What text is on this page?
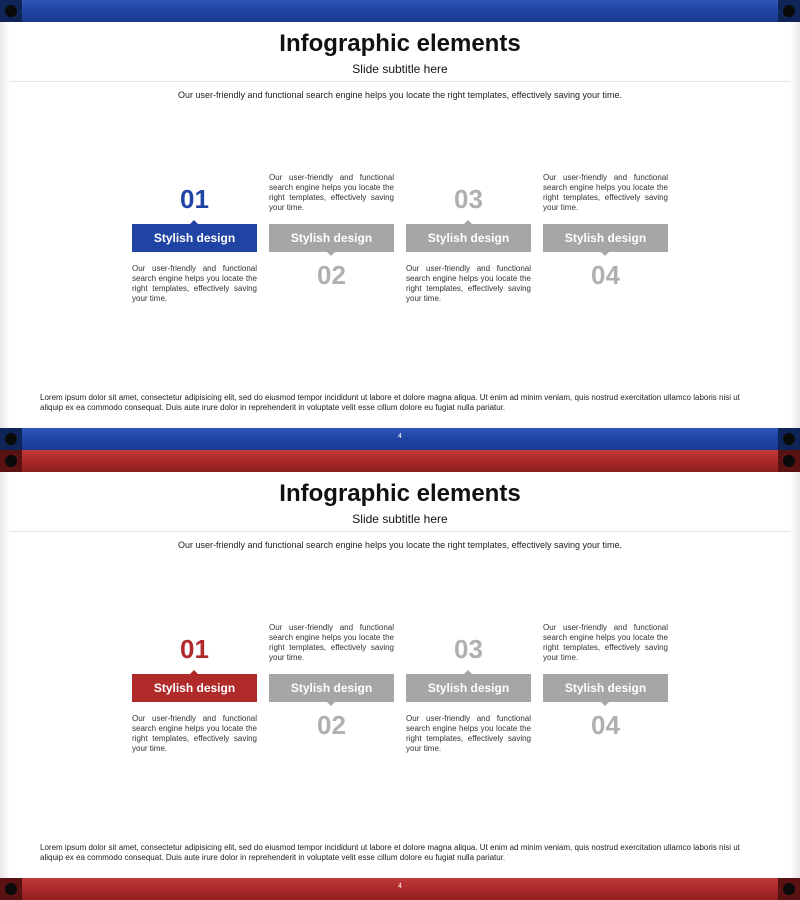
Infographic elements
Slide subtitle here
Our user-friendly and functional search engine helps you locate the right templates, effectively saving your time.
01
Stylish design
Our user-friendly and functional search engine helps you locate the right templates, effectively saving your time.
Our user-friendly and functional search engine helps you locate the right templates, effectively saving your time.
Stylish design
02
03
Stylish design
Our user-friendly and functional search engine helps you locate the right templates, effectively saving your time.
Our user-friendly and functional search engine helps you locate the right templates, effectively saving your time.
Stylish design
04
Lorem ipsum dolor sit amet, consectetur adipisicing elit, sed do eiusmod tempor incididunt ut labore et dolore magna aliqua. Ut enim ad minim veniam, quis nostrud exercitation ullamco laboris nisi ut aliquip ex ea commodo consequat. Duis aute irure dolor in reprehenderit in voluptate velit esse cillum dolore eu fugiat nulla pariatur.
4
Infographic elements
Slide subtitle here
Our user-friendly and functional search engine helps you locate the right templates, effectively saving your time.
01
Stylish design
Our user-friendly and functional search engine helps you locate the right templates, effectively saving your time.
Our user-friendly and functional search engine helps you locate the right templates, effectively saving your time.
Stylish design
02
03
Stylish design
Our user-friendly and functional search engine helps you locate the right templates, effectively saving your time.
Our user-friendly and functional search engine helps you locate the right templates, effectively saving your time.
Stylish design
04
Lorem ipsum dolor sit amet, consectetur adipisicing elit, sed do eiusmod tempor incididunt ut labore et dolore magna aliqua. Ut enim ad minim veniam, quis nostrud exercitation ullamco laboris nisi ut aliquip ex ea commodo consequat. Duis aute irure dolor in reprehenderit in voluptate velit esse cillum dolore eu fugiat nulla pariatur.
4
